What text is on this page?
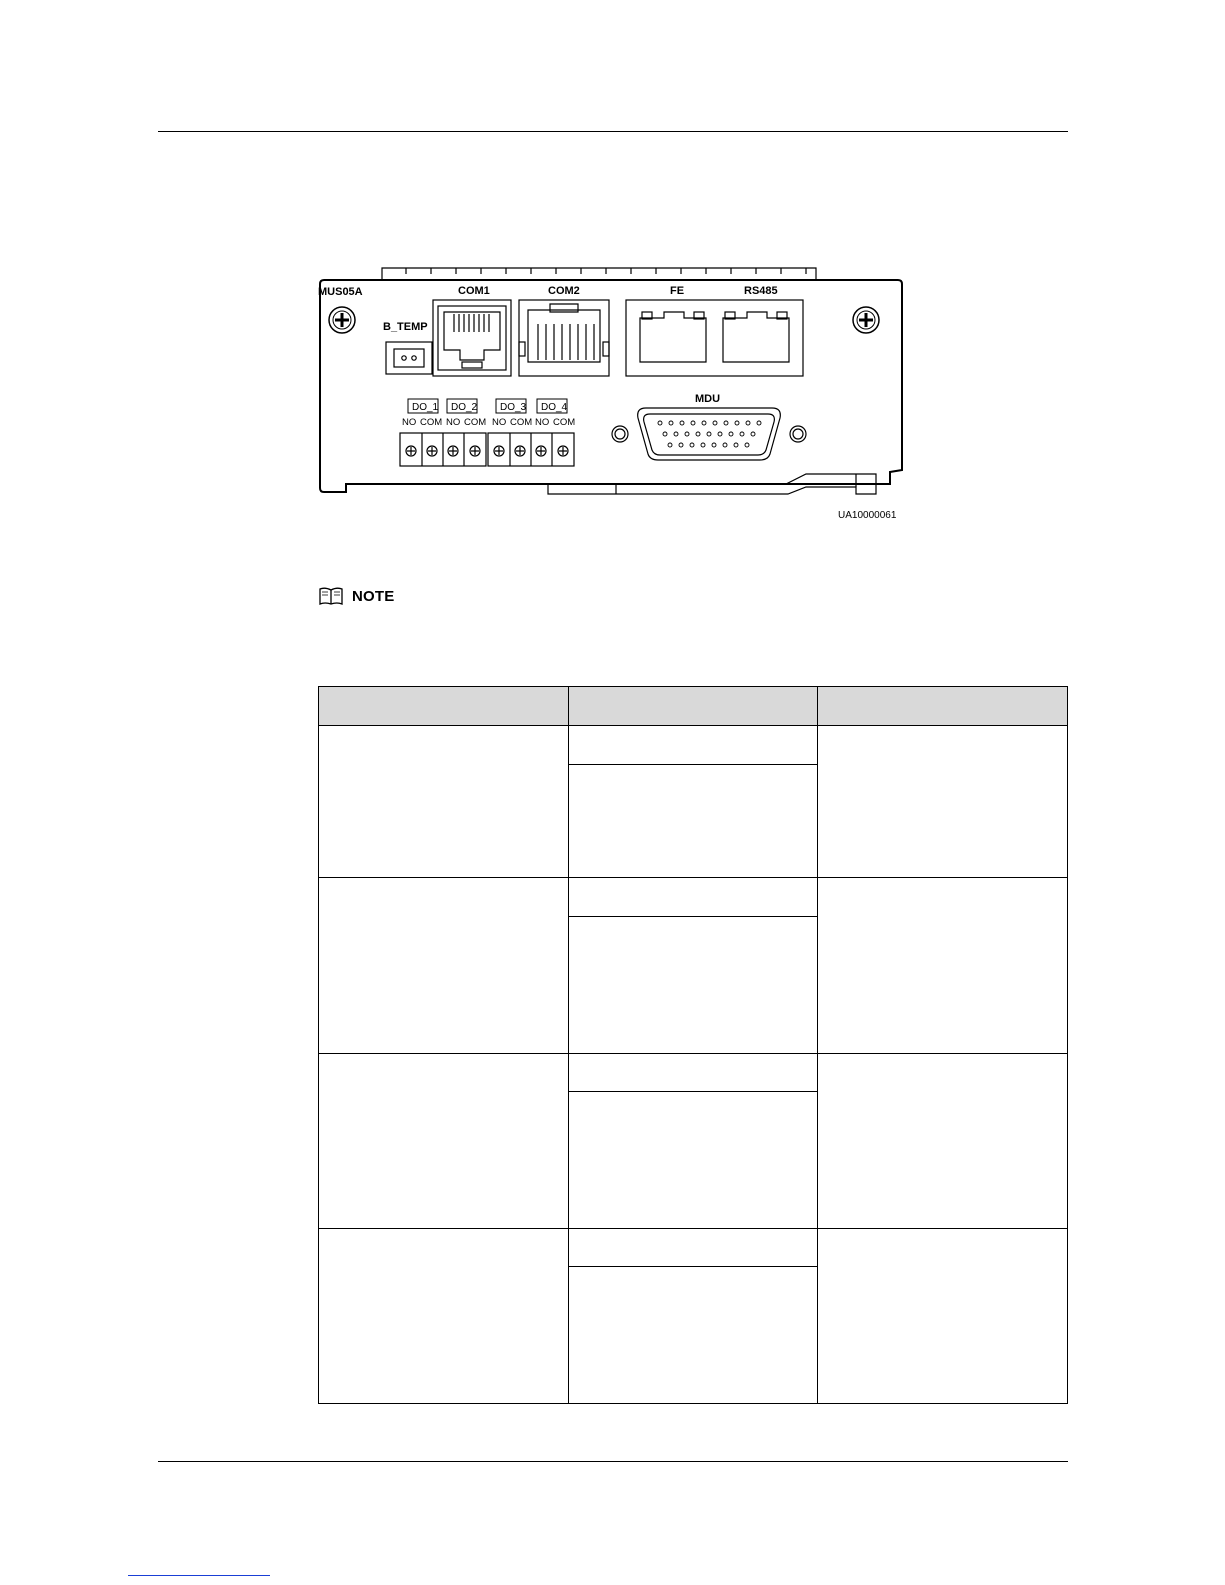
MUS05A
B_TEMP
COM1	COM2	FE	RS485
DO_1 DO_2 DO_3 DO_4
NO COM NO COM NO COM NO COM
MDU
UA10000061
NOTE
